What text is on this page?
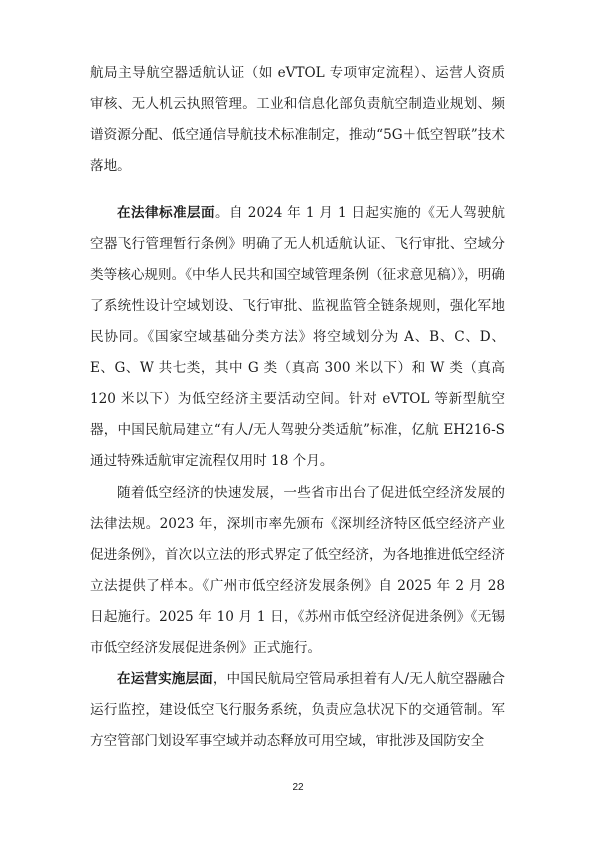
航局主导航空器适航认证（如 eVTOL 专项审定流程）、运营人资质审核、无人机云执照管理。工业和信息化部负责航空制造业规划、频谱资源分配、低空通信导航技术标准制定，推动“5G＋低空智联”技术落地。

在法律标准层面。自 2024 年 1 月 1 日起实施的《无人驾驶航空器飞行管理暂行条例》明确了无人机适航认证、飞行审批、空域分类等核心规则。《中华人民共和国空域管理条例（征求意见稿）》，明确了系统性设计空域划设、飞行审批、监视监管全链条规则，强化军地民协同。《国家空域基础分类方法》将空域划分为 A、B、C、D、E、G、W 共七类，其中 G 类（真高 300 米以下）和 W 类（真高 120 米以下）为低空经济主要活动空间。针对 eVTOL 等新型航空器，中国民航局建立“有人/无人驾驶分类适航”标准，亿航 EH216-S 通过特殊适航审定流程仅用时 18 个月。

随着低空经济的快速发展，一些省市出台了促进低空经济发展的法律法规。2023 年，深圳市率先颁布《深圳经济特区低空经济产业促进条例》，首次以立法的形式界定了低空经济，为各地推进低空经济立法提供了样本。《广州市低空经济发展条例》自 2025 年 2 月 28 日起施行。2025 年 10 月 1 日，《苏州市低空经济促进条例》《无锡市低空经济发展促进条例》正式施行。

在运营实施层面，中国民航局空管局承担着有人/无人航空器融合运行监控，建设低空飞行服务系统，负责应急状况下的交通管制。军方空管部门划设军事空域并动态释放可用空域，审批涉及国防安全

22
